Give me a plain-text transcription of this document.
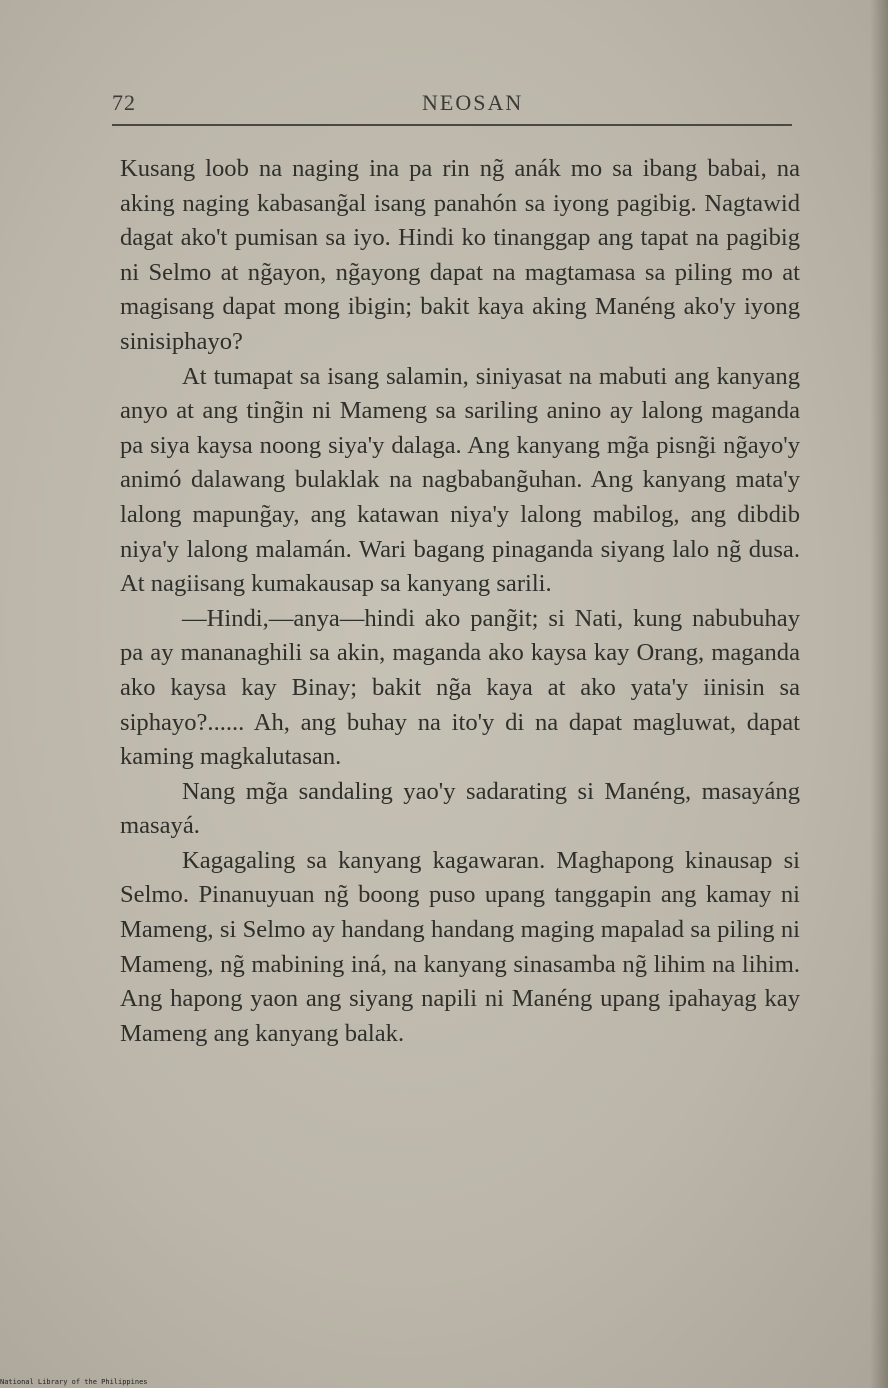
72	NEOSAN

Kusang loob na naging ina pa rin ng̃ anák mo sa ibang babai, na aking naging kabasang̃al isang panahón sa iyong pagibig. Nagtawid dagat ako't pumisan sa iyo. Hindi ko tinanggap ang tapat na pagibig ni Selmo at ng̃ayon, ng̃ayong dapat na magtamasa sa piling mo at magisang dapat mong ibigin; bakit kaya aking Manéng ako'y iyong sinisiphayo?

At tumapat sa isang salamin, siniyasat na mabuti ang kanyang anyo at ang ting̃in ni Mameng sa sariling anino ay lalong maganda pa siya kaysa noong siya'y dalaga. Ang kanyang mg̃a pisng̃i ng̃ayo'y animó dalawang bulaklak na nagbabang̃uhan. Ang kanyang mata'y lalong mapung̃ay, ang katawan niya'y lalong mabilog, ang dibdib niya'y lalong malamán. Wari bagang pinaganda siyang lalo ng̃ dusa. At nagiisang kumakausap sa kanyang sarili.

—Hindi,—anya—hindi ako pang̃it; si Nati, kung nabubuhay pa ay mananaghili sa akin, maganda ako kaysa kay Orang, maganda ako kaysa kay Binay; bakit ng̃a kaya at ako yata'y iinisin sa siphayo?...... Ah, ang buhay na ito'y di na dapat magluwat, dapat kaming magkalutasan.

Nang mg̃a sandaling yao'y sadarating si Manéng, masayáng masayá.

Kagagaling sa kanyang kagawaran. Maghapong kinausap si Selmo. Pinanuyuan ng̃ boong puso upang tanggapin ang kamay ni Mameng, si Selmo ay handang handang maging mapalad sa piling ni Mameng, ng̃ mabining iná, na kanyang sinasamba ng̃ lihim na lihim. Ang hapong yaon ang siyang napili ni Manéng upang ipahayag kay Mameng ang kanyang balak.

National Library of the Philippines
